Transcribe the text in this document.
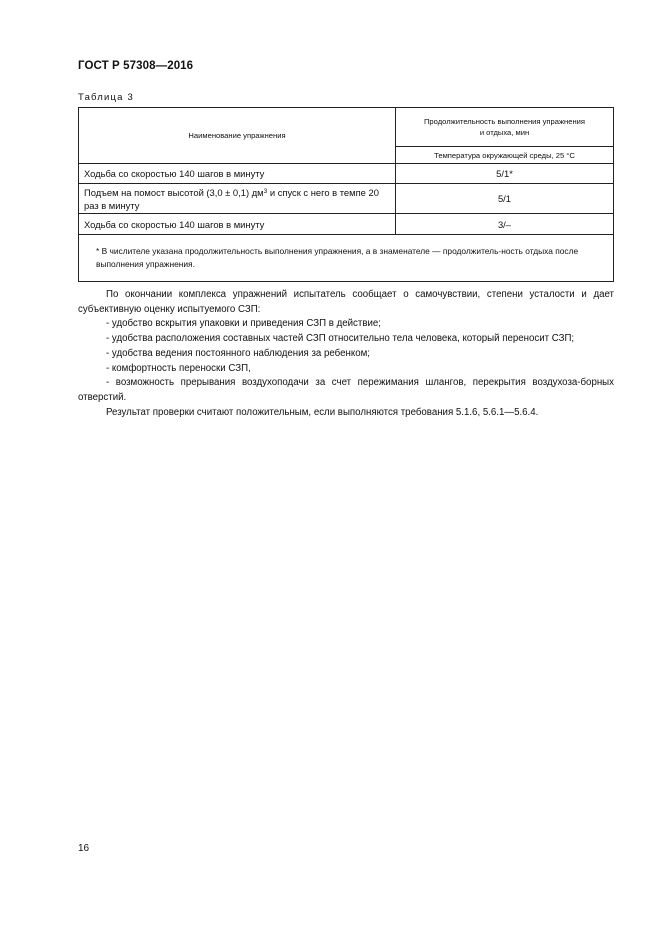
ГОСТ Р 57308—2016
Таблица 3
Наименование упражнения	Продолжительность выполнения упражнения
и отдыха, мин
	Температура окружающей среды, 25 °С
Ходьба со скоростью 140 шагов в минуту	5/1*
Подъем на помост высотой (3,0 ± 0,1) $дм^3$ и спуск с него в темпе 20 раз в минуту	5/1
Ходьба со скоростью 140 шагов в минуту	3/–

* В числителе указана продолжительность выполнения упражнения, а в знаменателе — продолжитель-ность отдыха после выполнения упражнения.	

По окончании комплекса упражнений испытатель сообщает о самочувствии, степени усталости и дает субъективную оценку испытуемого СЗП:

- удобство вскрытия упаковки и приведения СЗП в действие;

- удобства расположения составных частей СЗП относительно тела человека, который переносит СЗП;

- удобства ведения постоянного наблюдения за ребенком;

- комфортность переноски СЗП,

- возможность прерывания воздухоподачи за счет пережимания шлангов, перекрытия воздухоза-борных отверстий.

Результат проверки считают положительным, если выполняются требования 5.1.6, 5.6.1—5.6.4.

16
